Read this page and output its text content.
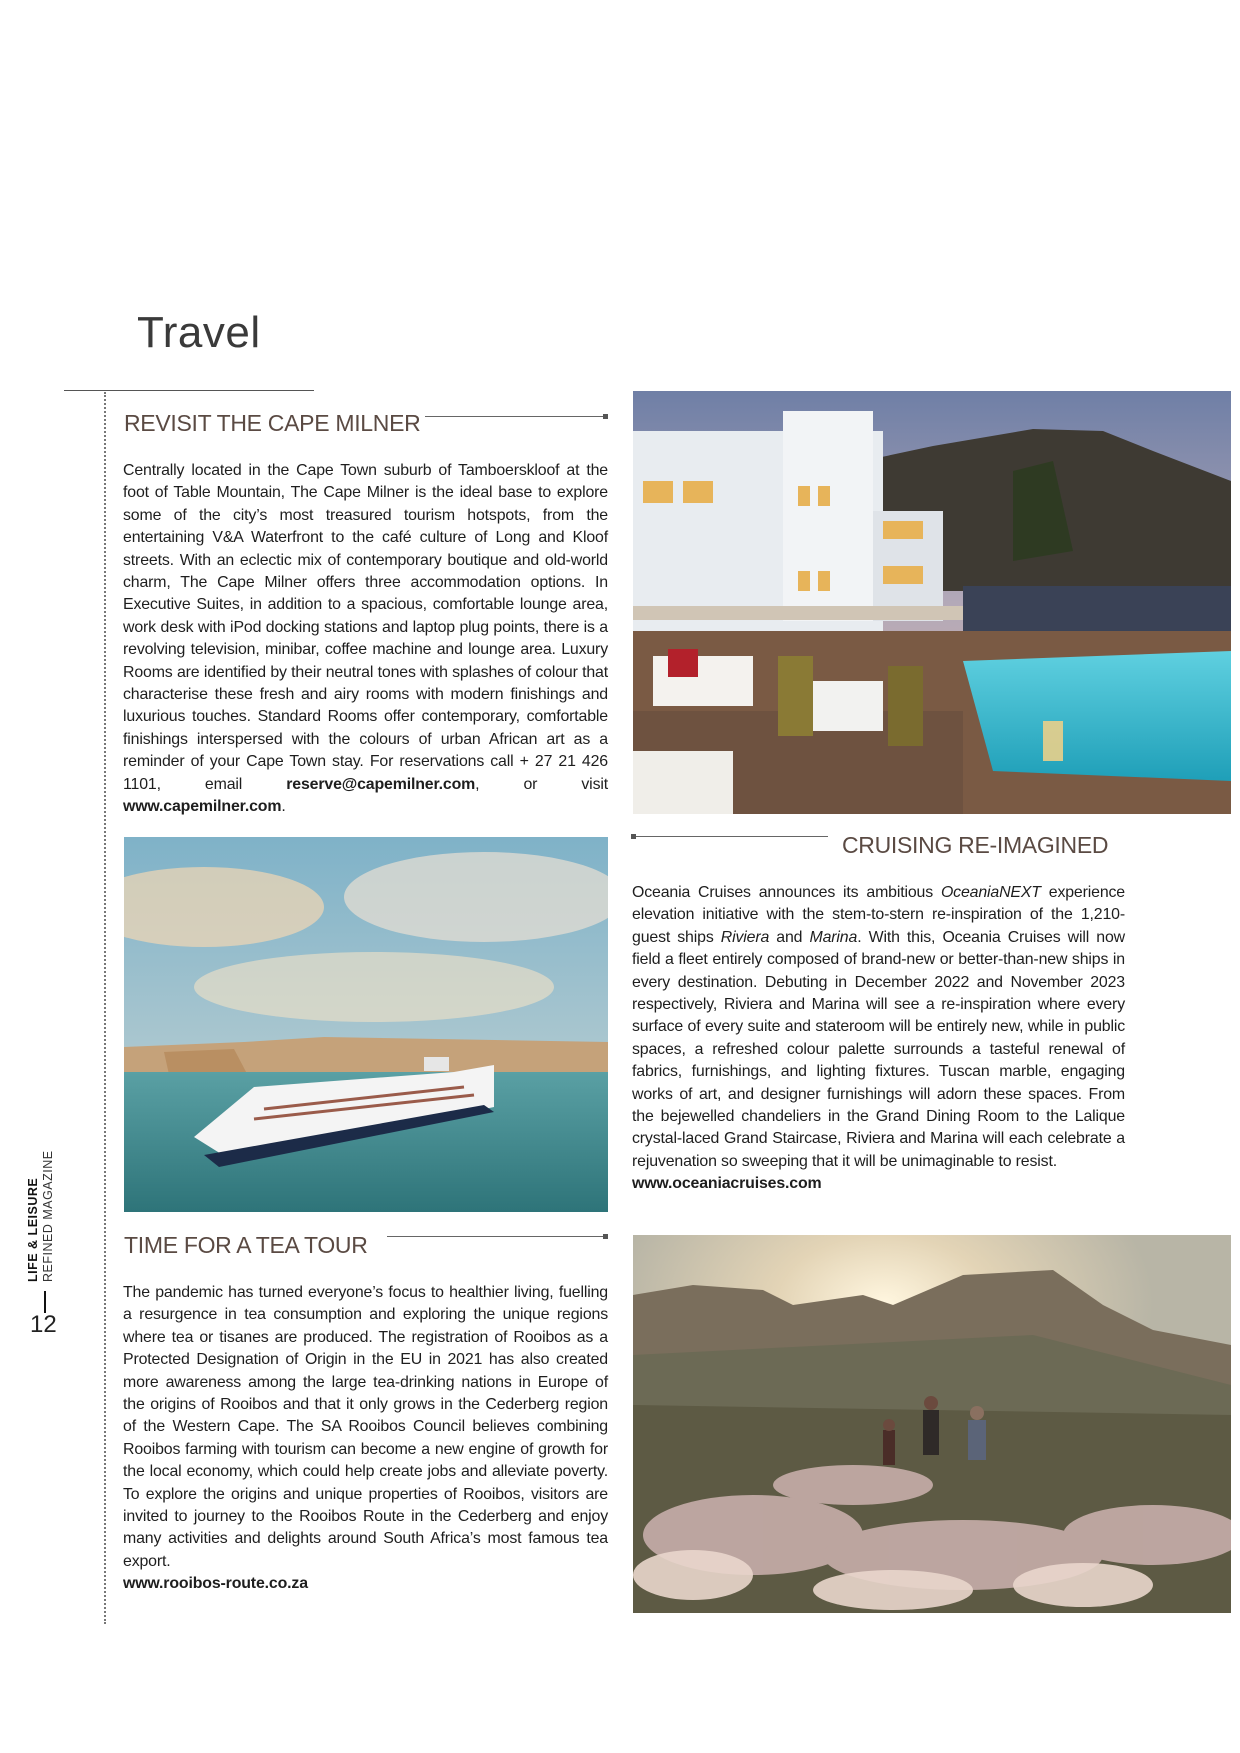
Travel
LIFE & LEISURE REFINED MAGAZINE
12
REVISIT THE CAPE MILNER
Centrally located in the Cape Town suburb of Tamboerskloof at the foot of Table Mountain, The Cape Milner is the ideal base to explore some of the city’s most treasured tourism hotspots, from the entertaining V&A Waterfront to the café culture of Long and Kloof streets. With an eclectic mix of contemporary boutique and old-world charm, The Cape Milner offers three accommodation options. In Executive Suites, in addition to a spacious, comfortable lounge area, work desk with iPod docking stations and laptop plug points, there is a revolving television, minibar, coffee machine and lounge area. Luxury Rooms are identified by their neutral tones with splashes of colour that characterise these fresh and airy rooms with modern finishings and luxurious touches. Standard Rooms offer contemporary, comfortable finishings interspersed with the colours of urban African art as a reminder of your Cape Town stay. For reservations call + 27 21 426 1101, email	reserve@capemilner.com, or visit www.capemilner.com.
CRUISING RE-IMAGINED
Oceania Cruises announces its ambitious OceaniaNEXT experience elevation initiative with the stem-to-stern re-inspiration of the 1,210-guest ships Riviera and Marina. With this, Oceania Cruises will now field a fleet entirely composed of brand-new or better-than-new ships in every destination. Debuting in December 2022 and November 2023 respectively, Riviera and Marina will see a re-inspiration where every surface of every suite and stateroom will be entirely new, while in public spaces, a refreshed colour palette surrounds a tasteful renewal of fabrics, furnishings, and lighting fixtures. Tuscan marble, engaging works of art, and designer furnishings will adorn these spaces. From the bejewelled chandeliers in the Grand Dining Room to the Lalique crystal-laced Grand Staircase, Riviera and Marina will each celebrate a rejuvenation so sweeping that it will be unimaginable to resist.
www.oceaniacruises.com
TIME FOR A TEA TOUR
The pandemic has turned everyone’s focus to healthier living, fuelling a resurgence in tea consumption and exploring the unique regions where tea or tisanes are produced. The registration of Rooibos as a Protected Designation of Origin in the EU in 2021 has also created more awareness among the large tea-drinking nations in Europe of the origins of Rooibos and that it only grows in the Cederberg region of the Western Cape. The SA Rooibos Council believes combining Rooibos farming with tourism can become a new engine of growth for the local economy, which could help create jobs and alleviate poverty. To explore the origins and unique properties of Rooibos, visitors are invited to journey to the Rooibos Route in the Cederberg and enjoy many activities and delights around South Africa’s most famous tea export.
www.rooibos-route.co.za
